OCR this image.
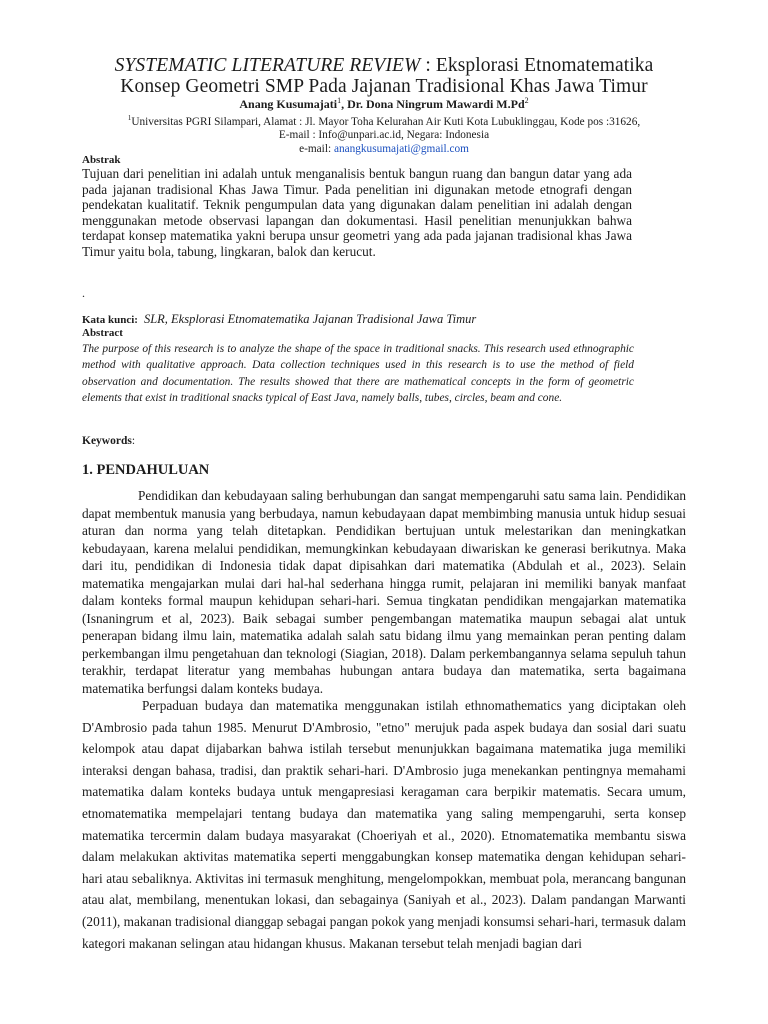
SYSTEMATIC LITERATURE REVIEW : Eksplorasi Etnomatematika
Konsep Geometri SMP Pada Jajanan Tradisional Khas Jawa Timur
Anang Kusumajati$^1$, Dr. Dona Ningrum Mawardi M.Pd$^2$
$^1$Universitas PGRI Silampari, Alamat : Jl. Mayor Toha Kelurahan Air Kuti Kota Lubuklinggau, Kode pos :31626,
E-mail : Info@unpari.ac.id, Negara: Indonesia
e-mail: anangkusumajati@gmail.com
Abstrak

Tujuan dari penelitian ini adalah untuk menganalisis bentuk bangun ruang dan bangun datar yang ada pada jajanan tradisional Khas Jawa Timur. Pada penelitian ini digunakan metode etnografi dengan pendekatan kualitatif. Teknik pengumpulan data yang digunakan dalam penelitian ini adalah dengan menggunakan metode observasi lapangan dan dokumentasi. Hasil penelitian menunjukkan bahwa terdapat konsep matematika yakni berupa unsur geometri yang ada pada jajanan tradisional khas Jawa Timur yaitu bola, tabung, lingkaran, balok dan kerucut.

.
Kata kunci: SLR, Eksplorasi Etnomatematika Jajanan Tradisional Jawa Timur
Abstract

The purpose of this research is to analyze the shape of the space in traditional snacks. This research used ethnographic method with qualitative approach. Data collection techniques used in this research is to use the method of field observation and documentation. The results showed that there are mathematical concepts in the form of geometric elements that exist in traditional snacks typical of East Java, namely balls, tubes, circles, beam and cone.

Keywords:
1. PENDAHULUAN

Pendidikan dan kebudayaan saling berhubungan dan sangat mempengaruhi satu sama lain. Pendidikan dapat membentuk manusia yang berbudaya, namun kebudayaan dapat membimbing manusia untuk hidup sesuai aturan dan norma yang telah ditetapkan. Pendidikan bertujuan untuk melestarikan dan meningkatkan kebudayaan, karena melalui pendidikan, memungkinkan kebudayaan diwariskan ke generasi berikutnya. Maka dari itu, pendidikan di Indonesia tidak dapat dipisahkan dari matematika (Abdulah et al., 2023). Selain matematika mengajarkan mulai dari hal-hal sederhana hingga rumit, pelajaran ini memiliki banyak manfaat dalam konteks formal maupun kehidupan sehari-hari. Semua tingkatan pendidikan mengajarkan matematika (Isnaningrum et al, 2023). Baik sebagai sumber pengembangan matematika maupun sebagai alat untuk penerapan bidang ilmu lain, matematika adalah salah satu bidang ilmu yang memainkan peran penting dalam perkembangan ilmu pengetahuan dan teknologi (Siagian, 2018). Dalam perkembangannya selama sepuluh tahun terakhir, terdapat literatur yang membahas hubungan antara budaya dan matematika, serta bagaimana matematika berfungsi dalam konteks budaya.

Perpaduan budaya dan matematika menggunakan istilah ethnomathematics yang diciptakan oleh D'Ambrosio pada tahun 1985. Menurut D'Ambrosio, "etno" merujuk pada aspek budaya dan sosial dari suatu kelompok atau dapat dijabarkan bahwa istilah tersebut menunjukkan bagaimana matematika juga memiliki interaksi dengan bahasa, tradisi, dan praktik sehari-hari. D'Ambrosio juga menekankan pentingnya memahami matematika dalam konteks budaya untuk mengapresiasi keragaman cara berpikir matematis. Secara umum, etnomatematika mempelajari tentang budaya dan matematika yang saling mempengaruhi, serta konsep matematika tercermin dalam budaya masyarakat (Choeriyah et al., 2020). Etnomatematika membantu siswa dalam melakukan aktivitas matematika seperti menggabungkan konsep matematika dengan kehidupan sehari-hari atau sebaliknya. Aktivitas ini termasuk menghitung, mengelompokkan, membuat pola, merancang bangunan atau alat, membilang, menentukan lokasi, dan sebagainya (Saniyah et al., 2023). Dalam pandangan Marwanti (2011), makanan tradisional dianggap sebagai pangan pokok yang menjadi konsumsi sehari-hari, termasuk dalam kategori makanan selingan atau hidangan khusus. Makanan tersebut telah menjadi bagian dari
